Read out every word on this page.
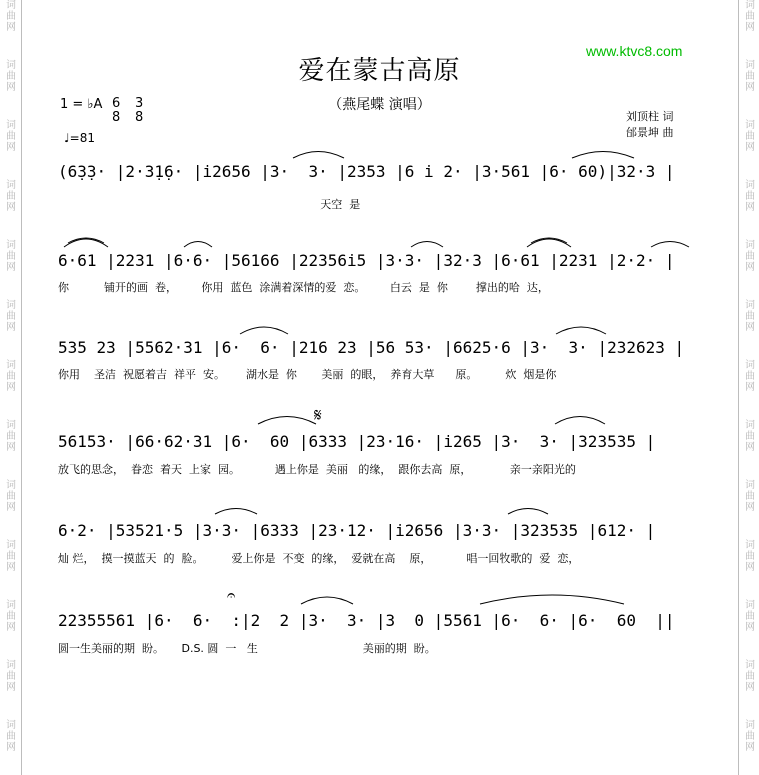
词
曲
网
词
曲
网
词
曲
网
词
曲
网
词
曲
网
词
曲
网
词
曲
网
词
曲
网
词
曲
网
词
曲
网
词
曲
网
词
曲
网
词
曲
网
词
曲
网
词
曲
网
词
曲
网
词
曲
网
词
曲
网
词
曲
网
词
曲
网
词
曲
网
词
曲
网
词
曲
网
词
曲
网
词
曲
网
词
曲
网
www.ktvc8.com
爱在蒙古高原
（燕尾蝶 演唱）
1 = ♭A 6
8
3
8
♩=81
刘顶柱 词
邰景坤 曲
(6̣3̣3· |2·3̣1̣6· |i2656 |3·  3· |2353 |6 i 2· |3·561 |6· 60)|32·3 |
天空  是
6·61 |2231 |6·6· |56166 |22356i5 |3·3· |32·3 |6·61 |2231 |2·2· |
你          铺开的画  卷，       你用  蓝色  涂满着深情的爱  恋。       白云  是  你        撑出的哈  达，
535 23 |5562·31 |6·  6· |216 23 |56 53· |6625·6 |3·  3· |232623 |
你用    圣洁  祝愿着吉  祥平  安。      湖水是  你       美丽  的眼，  养育大草      原。        炊  烟是你
56153· |66·62·31 |6·  60 |6333 |23·16· |i265 |3·  3· |323535 |
放飞的思念，  眷恋  着天  上家  园。          遇上你是  美丽   的缘，  跟你去高  原，           亲一亲阳光的
6·2· |53521·5 |3·3· |6333 |23·12· |i2656 |3·3· |323535 |612· |
灿 烂，  摸一摸蓝天  的  脸。        爱上你是  不变  的缘，  爱就在高    原，          唱一回牧歌的  爱  恋，
22355561 |6·  6·  :|2  2 |3·  3· |3  0 |5561 |6·  6· |6·  60  ||
圆一生美丽的期  盼。     D.S. 圆  一   生                              美丽的期  盼。
𝄋
𝄐
